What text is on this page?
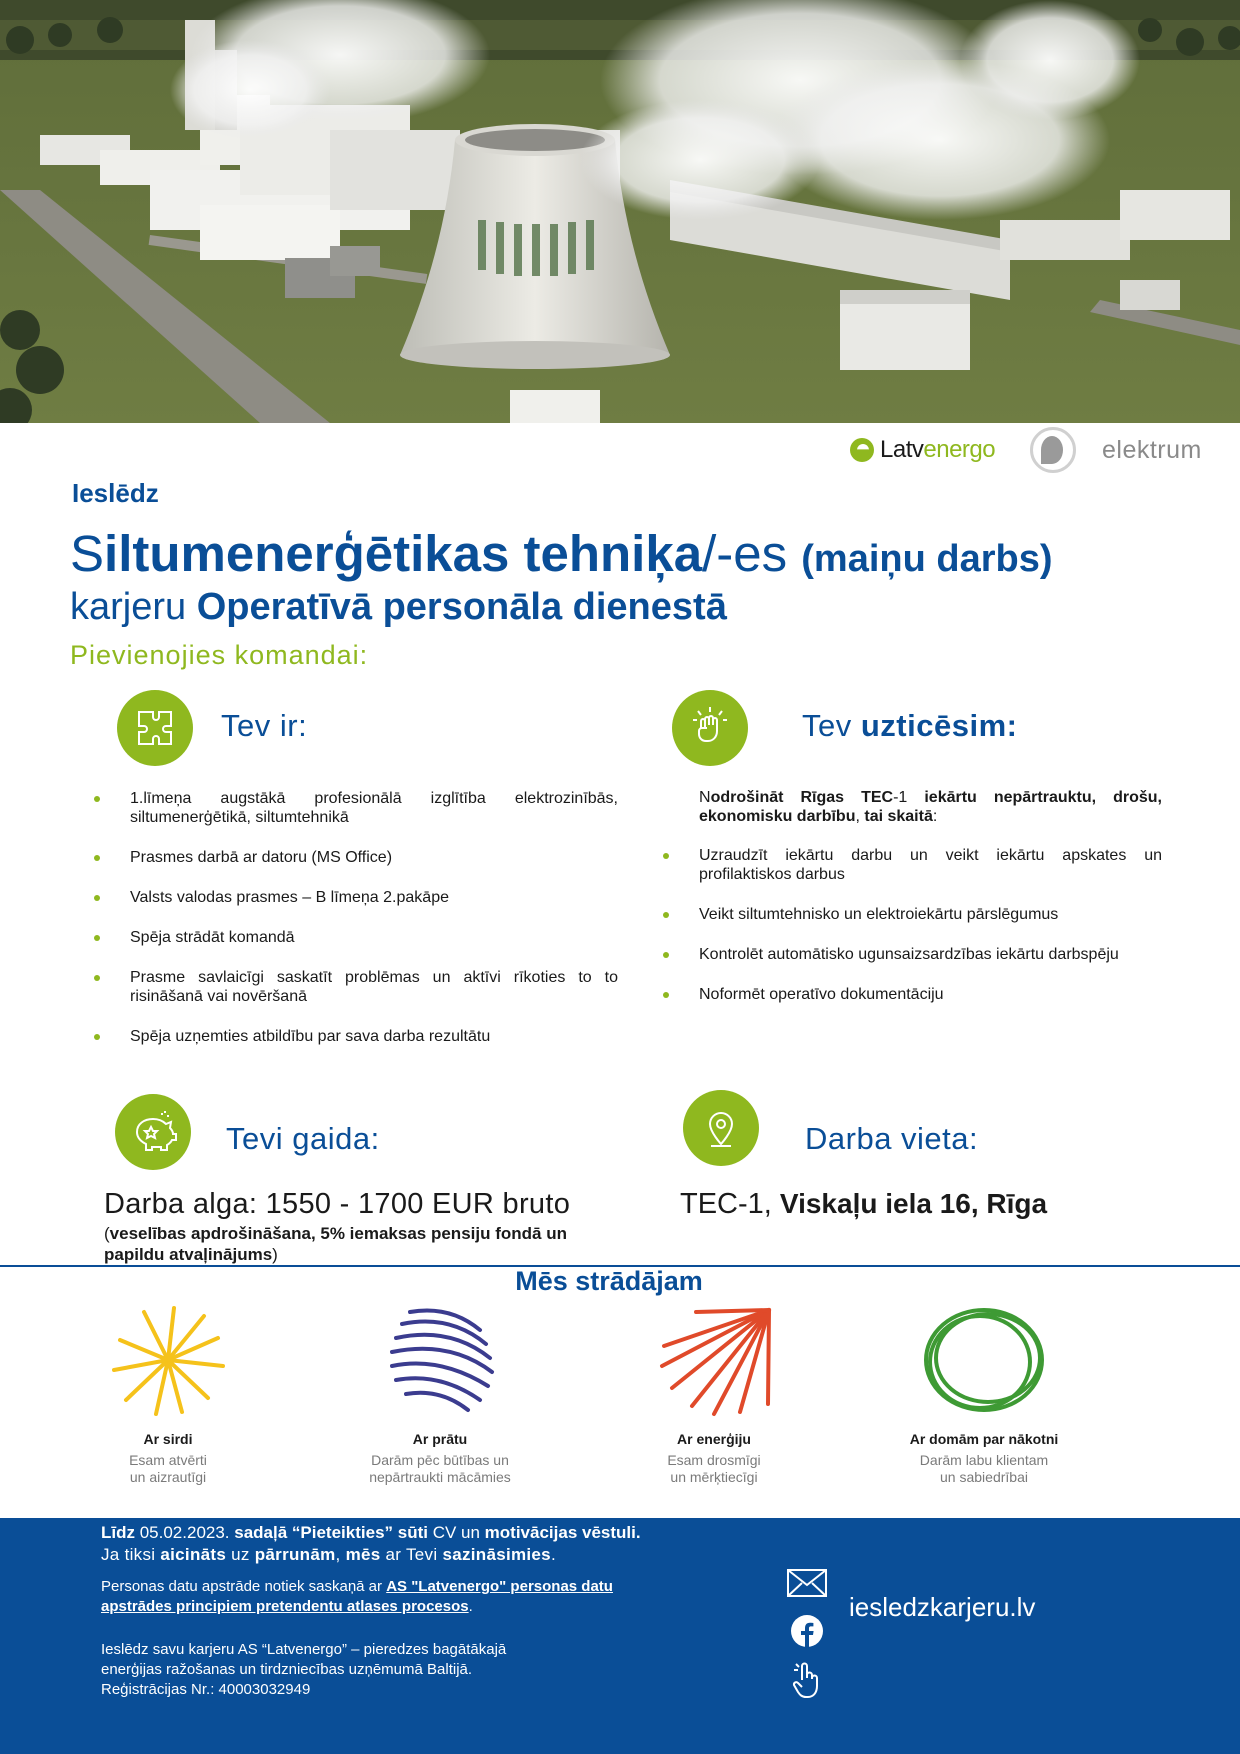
Latvenergo	elektrum
Ieslēdz
Siltumenerģētikas tehniķa/-es (maiņu darbs)
karjeru Operatīvā personāla dienestā
Pievienojies komandai:
Tev ir:
1.līmeņa augstākā profesionālā izglītība elektrozinībās, siltumenerģētikā, siltumtehnikā
Prasmes darbā ar datoru (MS Office)
Valsts valodas prasmes – B līmeņa 2.pakāpe
Spēja strādāt komandā
Prasme savlaicīgi saskatīt problēmas un aktīvi rīkoties to to risināšanā vai novēršanā
Spēja uzņemties atbildību par sava darba rezultātu
Tev uzticēsim:
Nodrošināt Rīgas TEC-1 iekārtu nepārtrauktu, drošu, ekonomisku darbību, tai skaitā:
Uzraudzīt iekārtu darbu un veikt iekārtu apskates un profilaktiskos darbus
Veikt siltumtehnisko un elektroiekārtu pārslēgumus
Kontrolēt automātisko ugunsaizsardzības iekārtu darbspēju
Noformēt operatīvo dokumentāciju
Tevi gaida:
Darba alga: 1550 - 1700 EUR bruto
(veselības apdrošināšana, 5% iemaksas pensiju fondā un papildu atvaļinājums)
Darba vieta:
TEC-1, Viskaļu iela 16, Rīga
Mēs strādājam
Ar sirdi
Esam atvērti
un aizrautīgi
Ar prātu
Darām pēc būtības un
nepārtraukti mācāmies
Ar enerģiju
Esam drosmīgi
un mērķtiecīgi
Ar domām par nākotni
Darām labu klientam
un sabiedrībai
Līdz 05.02.2023. sadaļā “Pieteikties” sūti CV un motivācijas vēstuli.
Ja tiksi aicināts uz pārrunām, mēs ar Tevi sazināsimies.
Personas datu apstrāde notiek saskaņā ar AS "Latvenergo" personas datu apstrādes principiem pretendentu atlases procesos.
Ieslēdz savu karjeru AS “Latvenergo” – pieredzes bagātākajā
enerģijas ražošanas un tirdzniecības uzņēmumā Baltijā.
Reģistrācijas Nr.: 40003032949
iesledzkarjeru.lv
